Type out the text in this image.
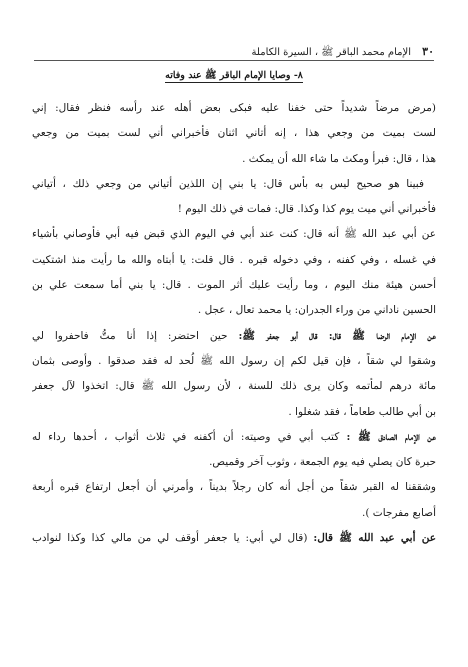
٣٠ الإمام محمد الباقر ﷺ ، السيرة الكاملة
٨- وصايا الإمام الباقر ﷺ عند وفاته
(مرض مرضاً شديداً حتى خفنا عليه فبكى بعض أهله عند رأسه فنظر فقال: إني
لست بميت من وجعي هذا ، إنه أتاني اثنان فأخبراني أني لست بميت من وجعي
هذا ، قال: فبرأ ومكث ما شاء الله أن يمكث .
فبينا هو صحيح ليس به بأس قال: يا بني إن اللذين أتياني من وجعي ذلك ، أتياني
فأخبراني أني ميت يوم كذا وكذا. قال: فمات في ذلك اليوم !
عن أبي عبد الله ﷺ أنه قال: كنت عند أبي في اليوم الذي قبض فيه أبي فأوصاني بأشياء
في غسله ، وفي كفنه ، وفي دخوله قبره . قال قلت: يا أبتاه والله ما رأيت منذ اشتكيت
أحسن هيئة منك اليوم ، وما رأيت عليك أثر الموت . قال: يا بني أما سمعت علي بن
الحسين ناداني من وراء الجدران: يا محمد تعال ، عجل .
عن الإمام الرضا ﷺ قال: قال أبو جعفر ﷺ: حين احتضر: إذا أنا متُّ فاحفروا لي
وشقوا لي شقاً ، فإن قيل لكم إن رسول الله ﷺ لُحد له فقد صدقوا . وأوصى بثمان
مائة درهم لمأتمه وكان يرى ذلك للسنة ، لأن رسول الله ﷺ قال: اتخذوا لآل جعفر
بن أبي طالب طعاماً ، فقد شغلوا .
عن الإمام الصادق ﷺ : كتب أبي في وصيته: أن أكفنه في ثلاث أثواب ، أحدها رداء له
حبرة كان يصلي فيه يوم الجمعة ، وثوب آخر وقميص.
وشققنا له القبر شقاً من أجل أنه كان رجلاً بديناً ، وأمرني أن أجعل ارتفاع قبره أربعة
أصابع مفرجات ).
عن أبي عبد الله ﷺ قال: (قال لي أبي: يا جعفر أوقف لي من مالي كذا وكذا لنوادب
